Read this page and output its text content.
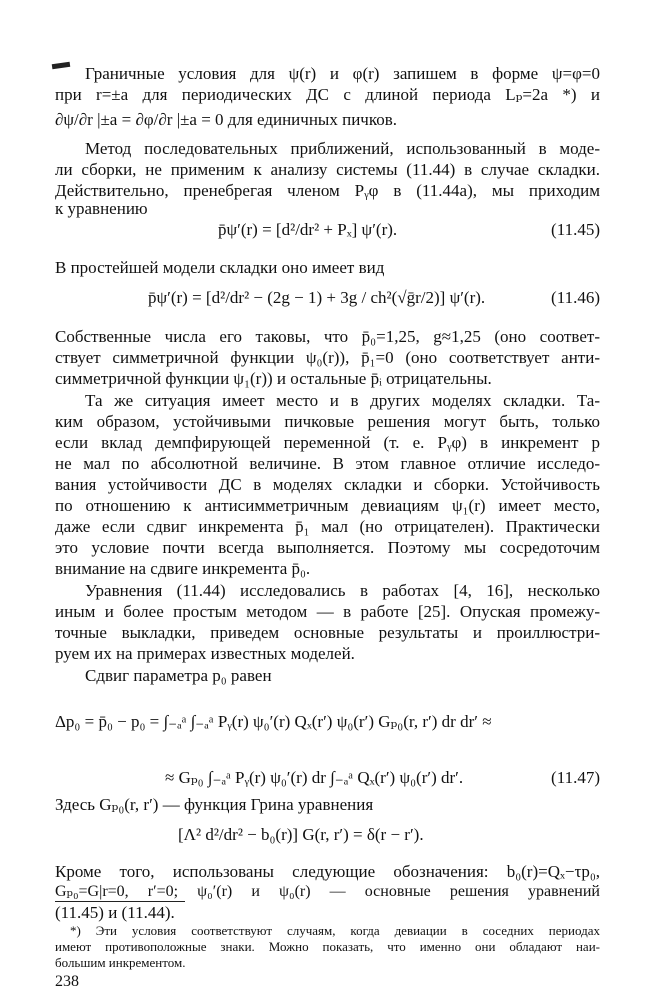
Граничные условия для ψ(r) и φ(r) запишем в форме ψ=φ=0
при r=±a для периодических ДС с длиной периода Lₚ=2a *) и
∂ψ/∂r |±a = ∂φ/∂r |±a = 0 для единичных пичков.
Метод последовательных приближений, использованный в моде-
ли сборки, не применим к анализу системы (11.44) в случае складки.
Действительно, пренебрегая членом Pᵧφ в (11.44а), мы приходим
к уравнению
p̄ψ′(r) = [d²/dr² + Pₓ] ψ′(r).	(11.45)
В простейшей модели складки оно имеет вид
p̄ψ′(r) = [d²/dr² − (2g − 1) + 3g / ch²(√ḡr/2)] ψ′(r).	(11.46)
Собственные числа его таковы, что p̄₀=1,25, g≈1,25 (оно соответ-
ствует симметричной функции ψ₀(r)), p̄₁=0 (оно соответствует анти-
симметричной функции ψ₁(r)) и остальные p̄ᵢ отрицательны.
Та же ситуация имеет место и в других моделях складки. Та-
ким образом, устойчивыми пичковые решения могут быть, только
если вклад демпфирующей переменной (т. е. Pᵧφ) в инкремент p
не мал по абсолютной величине. В этом главное отличие исследо-
вания устойчивости ДС в моделях складки и сборки. Устойчивость
по отношению к антисимметричным девиациям ψ₁(r) имеет место,
даже если сдвиг инкремента p̄₁ мал (но отрицателен). Практически
это условие почти всегда выполняется. Поэтому мы сосредоточим
внимание на сдвиге инкремента p̄₀.
Уравнения (11.44) исследовались в работах [4, 16], несколько
иным и более простым методом — в работе [25]. Опуская промежу-
точные выкладки, приведем основные результаты и проиллюстри-
руем их на примерах известных моделей.
Сдвиг параметра p₀ равен
Δp₀ = p̄₀ − p₀ = ∫₋ₐᵃ ∫₋ₐᵃ Pᵧ(r) ψ₀′(r) Qₓ(r′) ψ₀(r′) Gₚ₀(r, r′) dr dr′ ≈
≈ Gₚ₀ ∫₋ₐᵃ Pᵧ(r) ψ₀′(r) dr ∫₋ₐᵃ Qₓ(r′) ψ₀(r′) dr′.	(11.47)
Здесь Gₚ₀(r, r′) — функция Грина уравнения
[Λ² d²/dr² − b₀(r)] G(r, r′) = δ(r − r′).
Кроме того, использованы следующие обозначения: b₀(r)=Qₓ−τp₀,
Gₚ₀=G|r=0, r′=0; ψ₀′(r) и ψ₀(r) — основные решения уравнений
(11.45) и (11.44).
*) Эти условия соответствуют случаям, когда девиации в соседних периодах
имеют противоположные знаки. Можно показать, что именно они обладают наи-
большим инкрементом.
238
